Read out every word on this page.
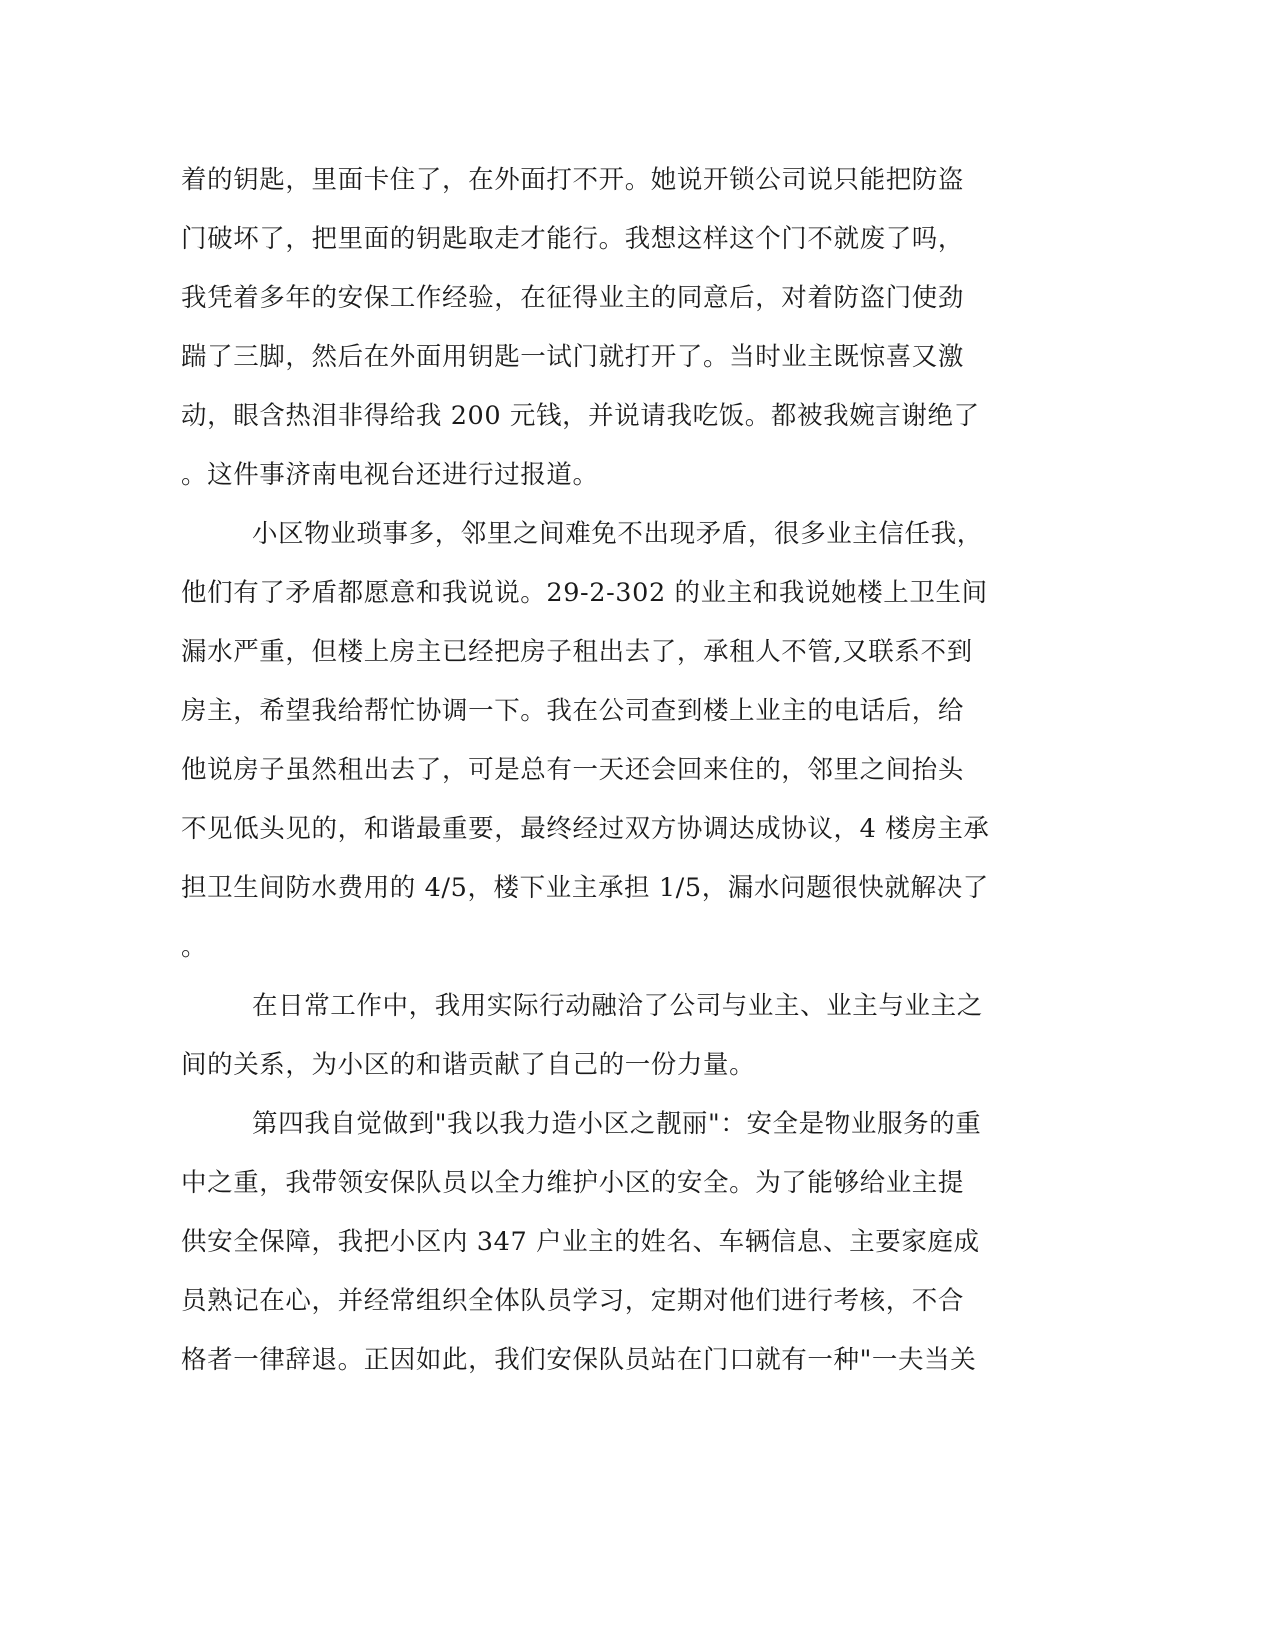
着的钥匙，里面卡住了，在外面打不开。她说开锁公司说只能把防盗
门破坏了，把里面的钥匙取走才能行。我想这样这个门不就废了吗，
我凭着多年的安保工作经验，在征得业主的同意后，对着防盗门使劲
踹了三脚，然后在外面用钥匙一试门就打开了。当时业主既惊喜又激
动，眼含热泪非得给我 200 元钱，并说请我吃饭。都被我婉言谢绝了
。这件事济南电视台还进行过报道。
小区物业琐事多，邻里之间难免不出现矛盾，很多业主信任我，
他们有了矛盾都愿意和我说说。29-2-302 的业主和我说她楼上卫生间
漏水严重，但楼上房主已经把房子租出去了，承租人不管,又联系不到
房主，希望我给帮忙协调一下。我在公司查到楼上业主的电话后，给
他说房子虽然租出去了，可是总有一天还会回来住的，邻里之间抬头
不见低头见的，和谐最重要，最终经过双方协调达成协议，4 楼房主承
担卫生间防水费用的 4/5，楼下业主承担 1/5，漏水问题很快就解决了
。
在日常工作中，我用实际行动融洽了公司与业主、业主与业主之
间的关系，为小区的和谐贡献了自己的一份力量。
第四我自觉做到"我以我力造小区之靓丽"：安全是物业服务的重
中之重，我带领安保队员以全力维护小区的安全。为了能够给业主提
供安全保障，我把小区内 347 户业主的姓名、车辆信息、主要家庭成
员熟记在心，并经常组织全体队员学习，定期对他们进行考核，不合
格者一律辞退。正因如此，我们安保队员站在门口就有一种"一夫当关
